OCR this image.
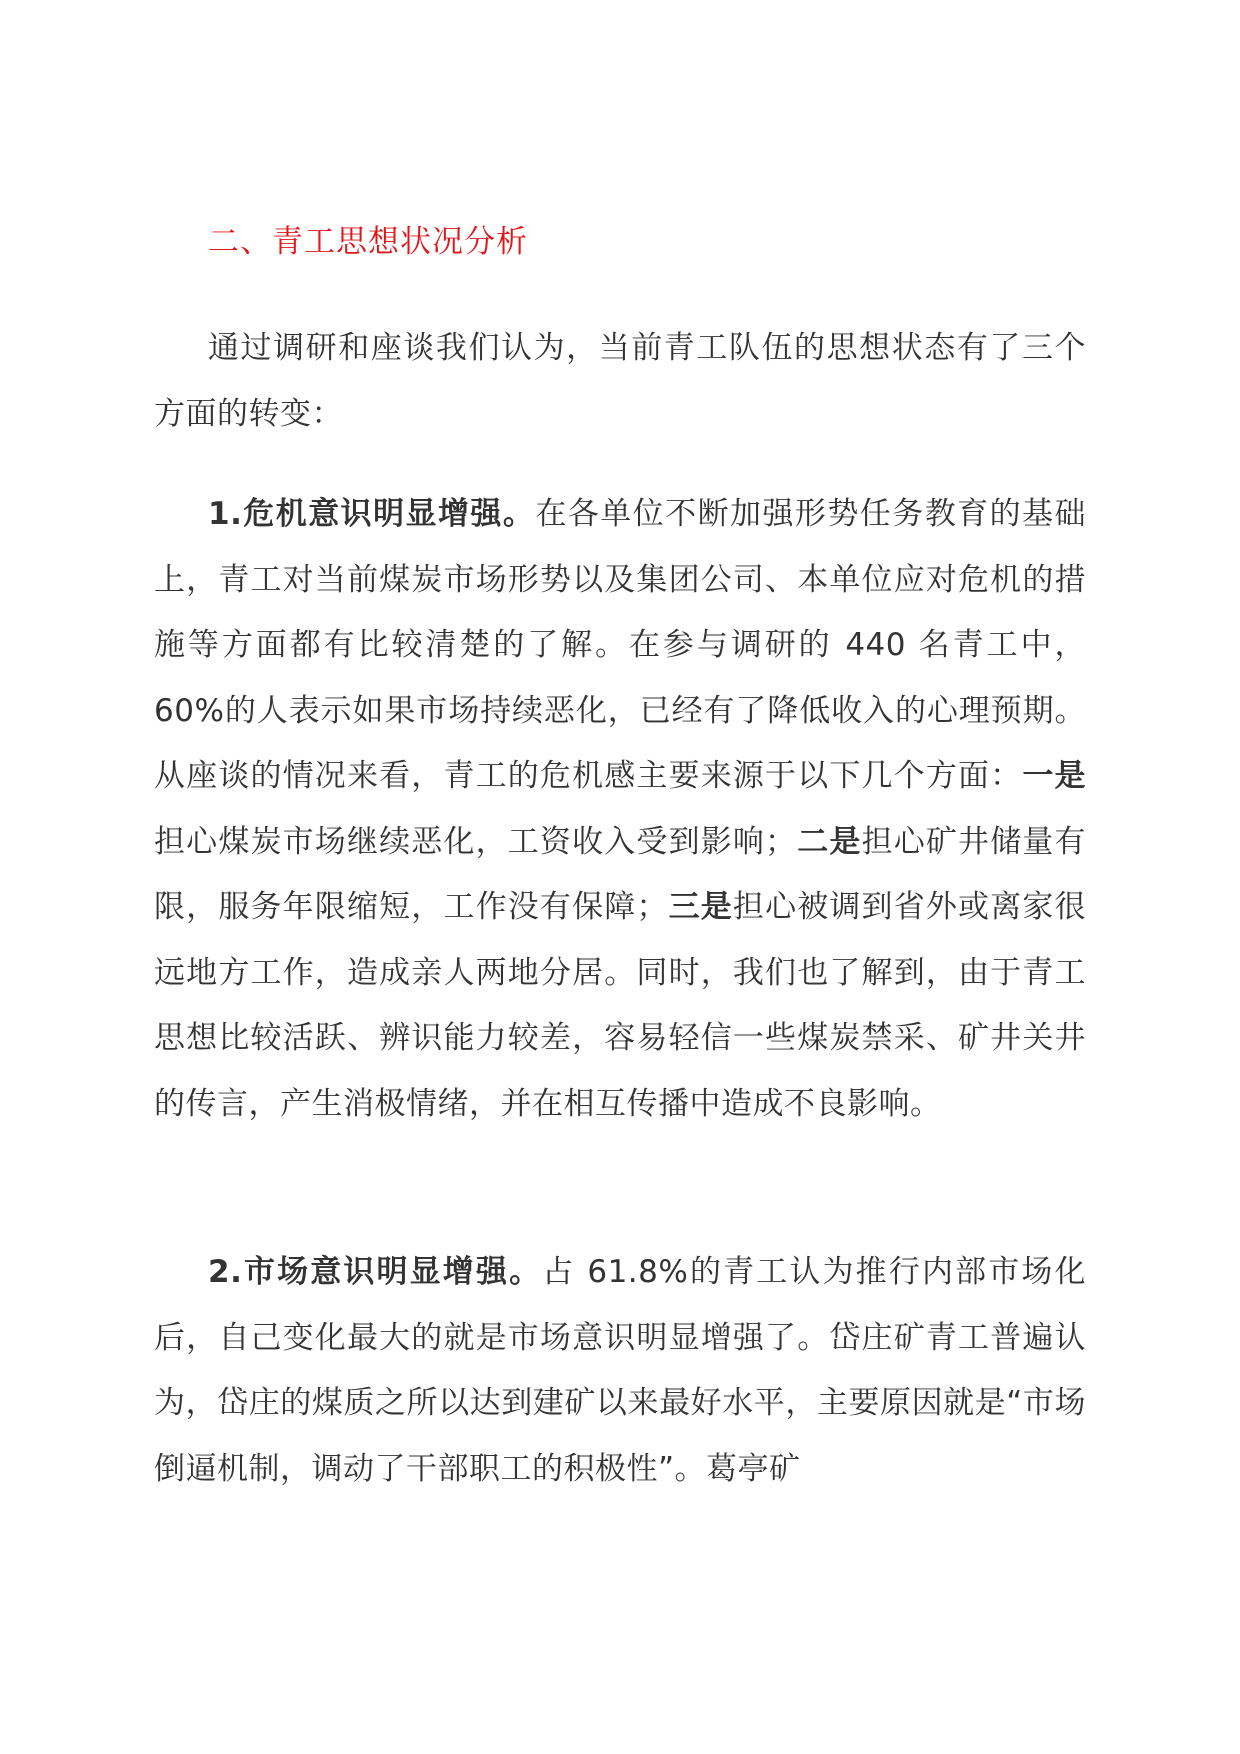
二、青工思想状况分析

通过调研和座谈我们认为，当前青工队伍的思想状态有了三个方面的转变：

1.危机意识明显增强。在各单位不断加强形势任务教育的基础上，青工对当前煤炭市场形势以及集团公司、本单位应对危机的措施等方面都有比较清楚的了解。在参与调研的 440 名青工中，60%的人表示如果市场持续恶化，已经有了降低收入的心理预期。从座谈的情况来看，青工的危机感主要来源于以下几个方面：一是担心煤炭市场继续恶化，工资收入受到影响；二是担心矿井储量有限，服务年限缩短，工作没有保障；三是担心被调到省外或离家很远地方工作，造成亲人两地分居。同时，我们也了解到，由于青工思想比较活跃、辨识能力较差，容易轻信一些煤炭禁采、矿井关井的传言，产生消极情绪，并在相互传播中造成不良影响。

2.市场意识明显增强。占 61.8%的青工认为推行内部市场化后，自己变化最大的就是市场意识明显增强了。岱庄矿青工普遍认为，岱庄的煤质之所以达到建矿以来最好水平，主要原因就是“市场倒逼机制，调动了干部职工的积极性”。葛亭矿
